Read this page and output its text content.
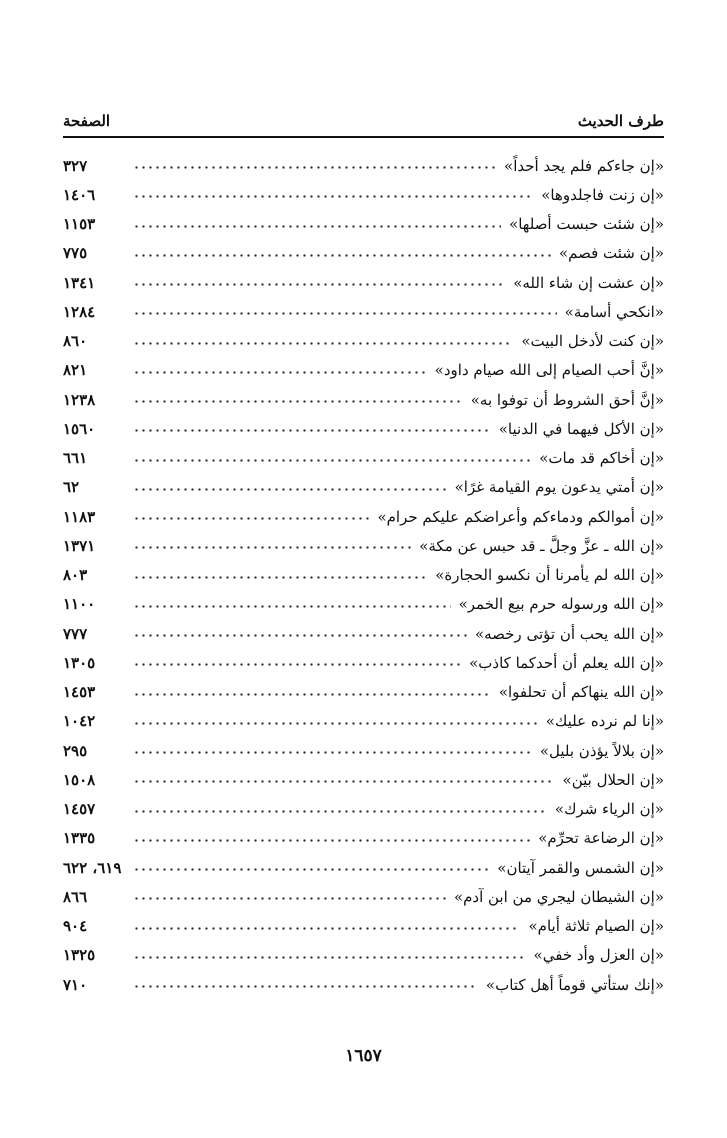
طرف الحديث
الصفحة
«إن جاءكم فلم يجد أحداً»
٣٢٧
«إن زنت فاجلدوها»
١٤٠٦
«إن شئت حبست أصلها»
١١٥٣
«إن شئت فصم»
٧٧٥
«إن عشت إن شاء الله»
١٣٤١
«انكحي أسامة»
١٢٨٤
«إن كنت لأدخل البيت»
٨٦٠
«إنَّ أحب الصيام إلى الله صيام داود»
٨٢١
«إنَّ أحق الشروط أن توفوا به»
١٢٣٨
«إن الأكل فيهما في الدنيا»
١٥٦٠
«إن أخاكم قد مات»
٦٦١
«إن أمتي يدعون يوم القيامة غرًا»
٦٢
«إن أموالكم ودماءكم وأعراضكم عليكم حرام»
١١٨٣
«إن الله ـ عزَّ وجلَّ ـ قد حبس عن مكة»
١٣٧١
«إن الله لم يأمرنا أن نكسو الحجارة»
٨٠٣
«إن الله ورسوله حرم بيع الخمر»
١١٠٠
«إن الله يحب أن تؤتى رخصه»
٧٧٧
«إن الله يعلم أن أحدكما كاذب»
١٣٠٥
«إن الله ينهاكم أن تحلفوا»
١٤٥٣
«إنا لم نرده عليك»
١٠٤٢
«إن بلالاً يؤذن بليل»
٢٩٥
«إن الحلال بيّن»
١٥٠٨
«إن الرياء شرك»
١٤٥٧
«إن الرضاعة تحرِّم»
١٣٣٥
«إن الشمس والقمر آيتان»
٦١٩، ٦٢٢
«إن الشيطان ليجري من ابن آدم»
٨٦٦
«إن الصيام ثلاثة أيام»
٩٠٤
«إن العزل وأد خفي»
١٣٢٥
«إنك ستأتي قوماً أهل كتاب»
٧١٠
١٦٥٧
